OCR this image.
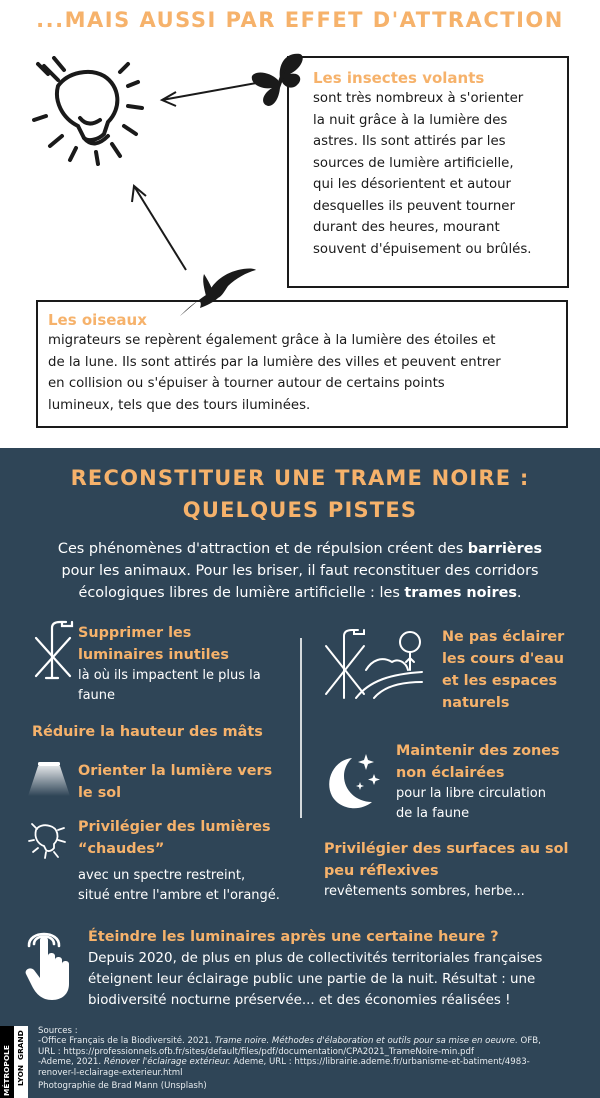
...MAIS AUSSI PAR EFFET D'ATTRACTION
Les insectes volants
sont très nombreux à s'orienter
la nuit grâce à la lumière des
astres. Ils sont attirés par les
sources de lumière artificielle,
qui les désorientent et autour
desquelles ils peuvent tourner
durant des heures, mourant
souvent d'épuisement ou brûlés.
Les oiseaux
migrateurs se repèrent également grâce à la lumière des étoiles et
de la lune. Ils sont attirés par la lumière des villes et peuvent entrer
en collision ou s'épuiser à tourner autour de certains points
lumineux, tels que des tours iluminées.
RECONSTITUER UNE TRAME NOIRE :
QUELQUES PISTES
Ces phénomènes d'attraction et de répulsion créent des barrières
pour les animaux. Pour les briser, il faut reconstituer des corridors
écologiques libres de lumière artificielle : les trames noires.
Supprimer les
luminaires inutiles
là où ils impactent le plus la
faune
Réduire la hauteur des mâts
Orienter la lumière vers
le sol
Privilégier des lumières
“chaudes”
avec un spectre restreint,
situé entre l'ambre et l'orangé.
Ne pas éclairer
les cours d'eau
et les espaces
naturels
Maintenir des zones
non éclairées
pour la libre circulation
de la faune
Privilégier des surfaces au sol
peu réflexives
revêtements sombres, herbe...
Éteindre les luminaires après une certaine heure ?
Depuis 2020, de plus en plus de collectivités territoriales françaises
éteignent leur éclairage public une partie de la nuit. Résultat : une
biodiversité nocturne préservée... et des économies réalisées !
MÉTROPOLE
GRAND
LYON
Sources :
-Office Français de la Biodiversité. 2021. Trame noire. Méthodes d'élaboration et outils pour sa mise en oeuvre. OFB,
URL : https://professionnels.ofb.fr/sites/default/files/pdf/documentation/CPA2021_TrameNoire-min.pdf
-Ademe, 2021. Rénover l'éclairage extérieur. Ademe, URL : https://librairie.ademe.fr/urbanisme-et-batiment/4983-
renover-l-eclairage-exterieur.html
Photographie de Brad Mann (Unsplash)
